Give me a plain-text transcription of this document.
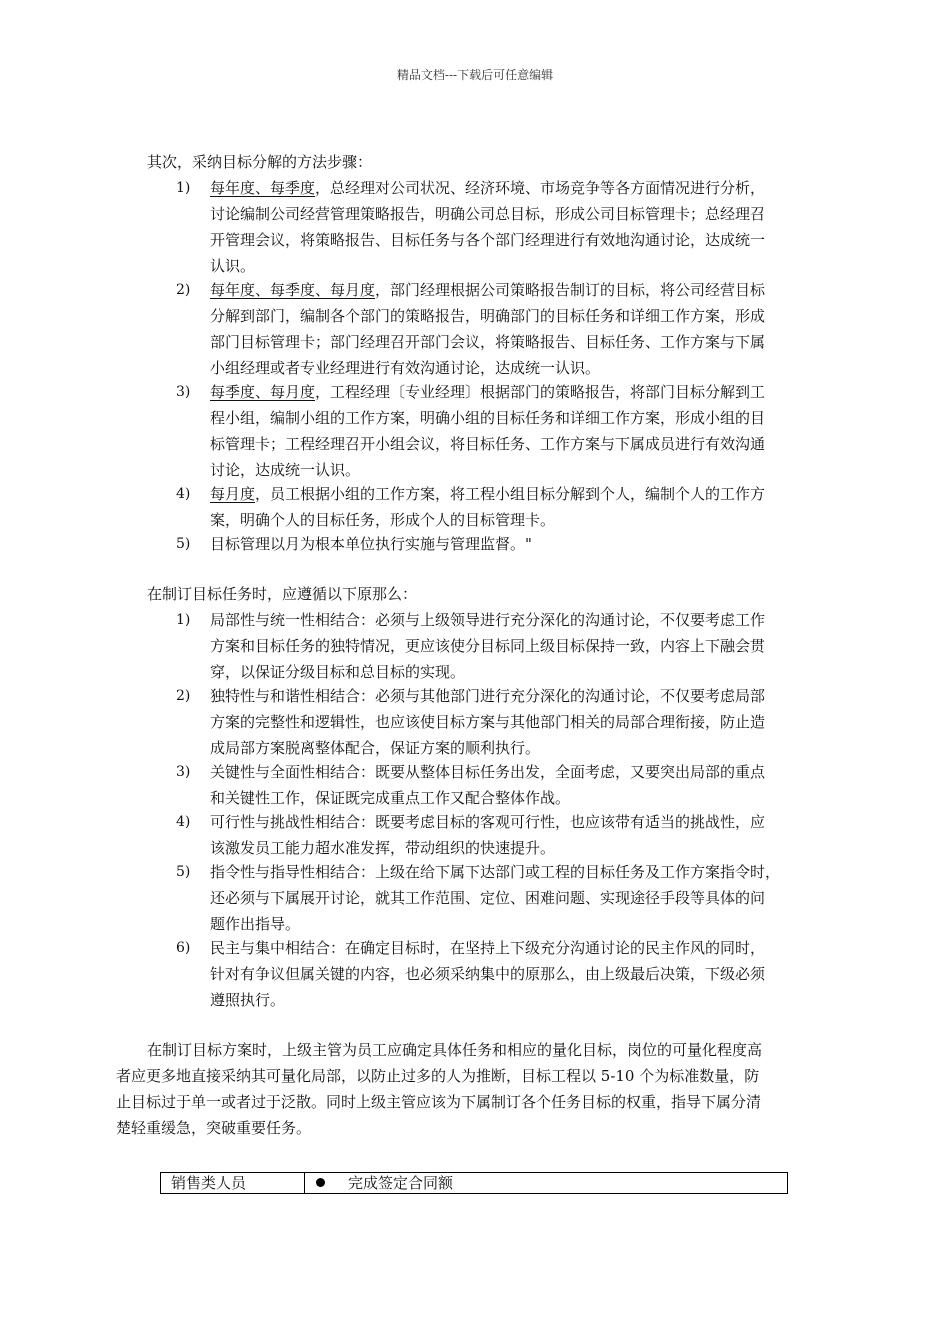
精品文档---下载后可任意编辑
其次，采纳目标分解的方法步骤：
1) 每年度、每季度，总经理对公司状况、经济环境、市场竞争等各方面情况进行分析，
讨论编制公司经营管理策略报告，明确公司总目标，形成公司目标管理卡；总经理召
开管理会议，将策略报告、目标任务与各个部门经理进行有效地沟通讨论，达成统一
认识。
2) 每年度、每季度、每月度，部门经理根据公司策略报告制订的目标，将公司经营目标
分解到部门，编制各个部门的策略报告，明确部门的目标任务和详细工作方案，形成
部门目标管理卡；部门经理召开部门会议，将策略报告、目标任务、工作方案与下属
小组经理或者专业经理进行有效沟通讨论，达成统一认识。
3) 每季度、每月度，工程经理〔专业经理〕根据部门的策略报告，将部门目标分解到工
程小组，编制小组的工作方案，明确小组的目标任务和详细工作方案，形成小组的目
标管理卡；工程经理召开小组会议，将目标任务、工作方案与下属成员进行有效沟通
讨论，达成统一认识。
4) 每月度，员工根据小组的工作方案，将工程小组目标分解到个人，编制个人的工作方
案，明确个人的目标任务，形成个人的目标管理卡。
5) 目标管理以月为根本单位执行实施与管理监督。"
在制订目标任务时，应遵循以下原那么：
1) 局部性与统一性相结合：必须与上级领导进行充分深化的沟通讨论，不仅要考虑工作
方案和目标任务的独特情况，更应该使分目标同上级目标保持一致，内容上下融会贯
穿，以保证分级目标和总目标的实现。
2) 独特性与和谐性相结合：必须与其他部门进行充分深化的沟通讨论，不仅要考虑局部
方案的完整性和逻辑性，也应该使目标方案与其他部门相关的局部合理衔接，防止造
成局部方案脱离整体配合，保证方案的顺利执行。
3) 关键性与全面性相结合：既要从整体目标任务出发，全面考虑，又要突出局部的重点
和关键性工作，保证既完成重点工作又配合整体作战。
4) 可行性与挑战性相结合：既要考虑目标的客观可行性，也应该带有适当的挑战性，应
该激发员工能力超水准发挥，带动组织的快速提升。
5) 指令性与指导性相结合：上级在给下属下达部门或工程的目标任务及工作方案指令时，
还必须与下属展开讨论，就其工作范围、定位、困难问题、实现途径手段等具体的问
题作出指导。
6) 民主与集中相结合：在确定目标时，在坚持上下级充分沟通讨论的民主作风的同时，
针对有争议但属关键的内容，也必须采纳集中的原那么，由上级最后决策，下级必须
遵照执行。
在制订目标方案时，上级主管为员工应确定具体任务和相应的量化目标，岗位的可量化程度高
者应更多地直接采纳其可量化局部，以防止过多的人为推断，目标工程以 5-10 个为标准数量，防
止目标过于单一或者过于泛散。同时上级主管应该为下属制订各个任务目标的权重，指导下属分清
楚轻重缓急，突破重要任务。
销售类人员	完成签定合同额
